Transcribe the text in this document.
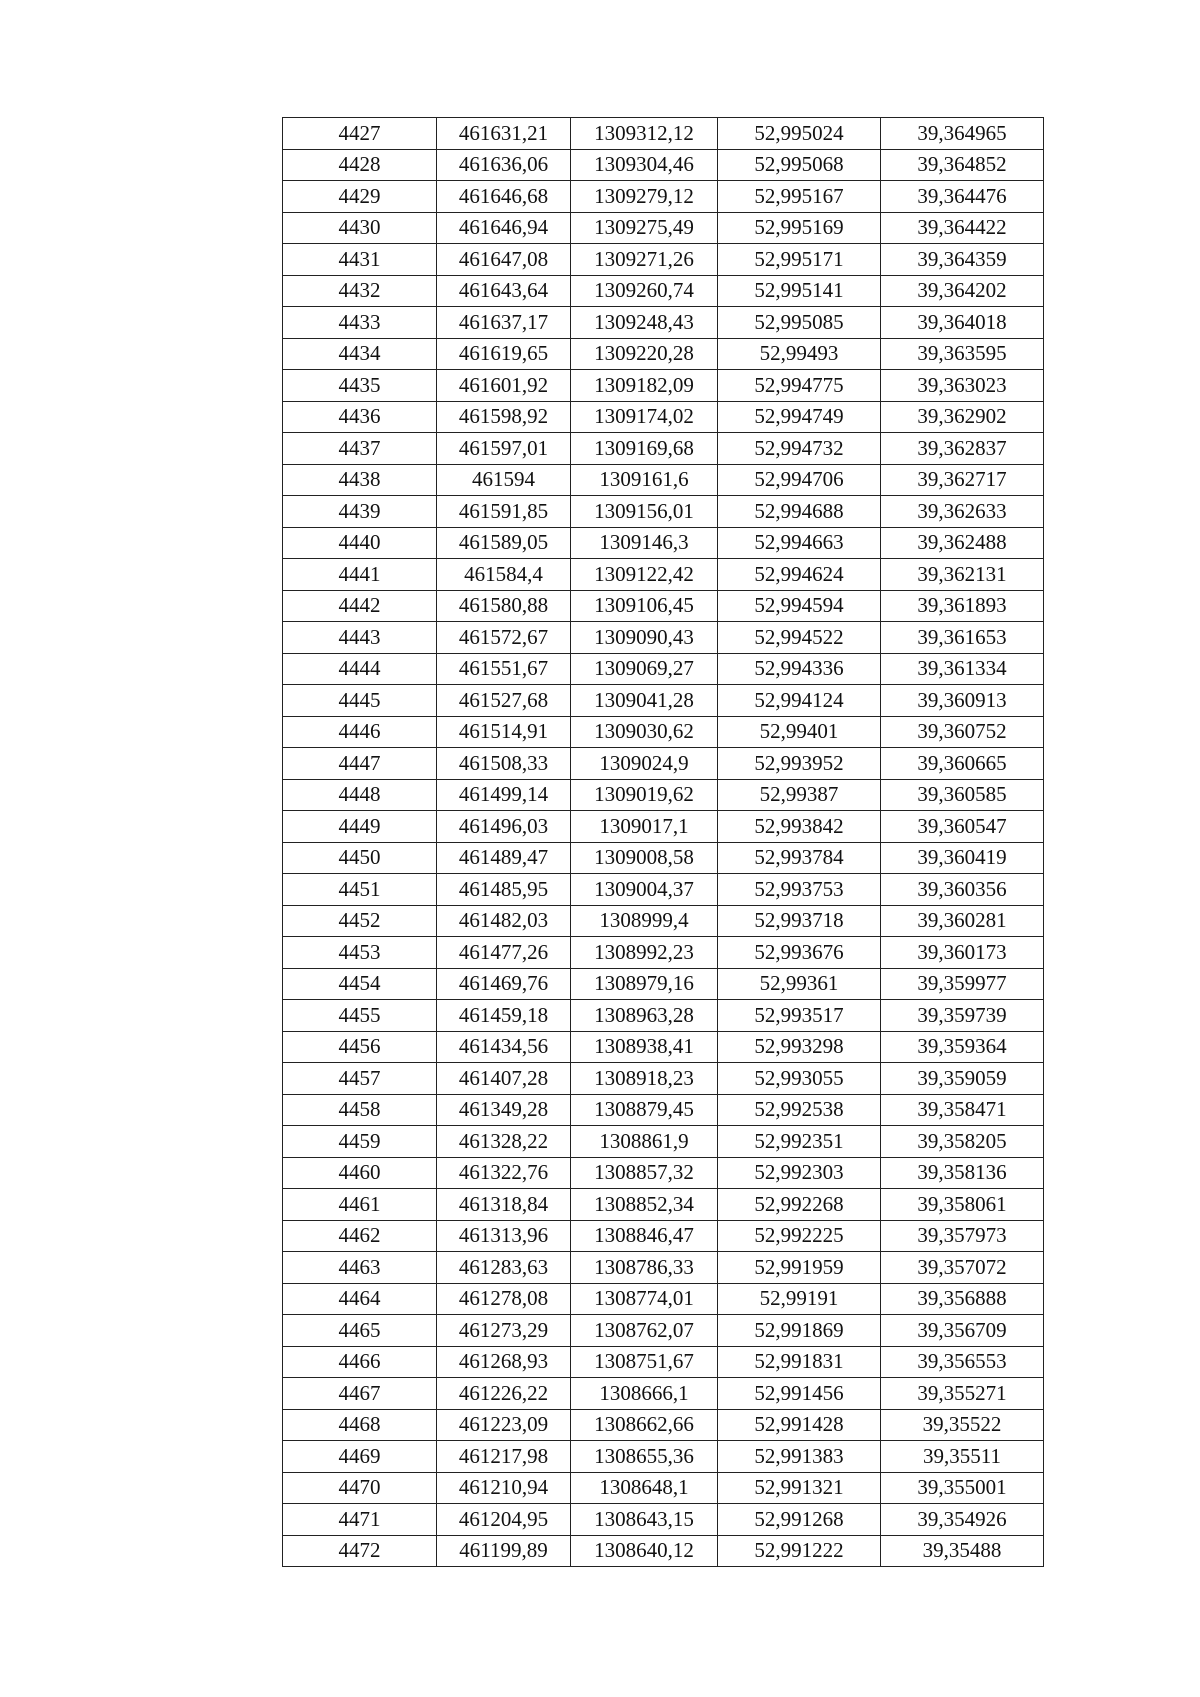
4427	461631,21	1309312,12	52,995024	39,364965
4428	461636,06	1309304,46	52,995068	39,364852
4429	461646,68	1309279,12	52,995167	39,364476
4430	461646,94	1309275,49	52,995169	39,364422
4431	461647,08	1309271,26	52,995171	39,364359
4432	461643,64	1309260,74	52,995141	39,364202
4433	461637,17	1309248,43	52,995085	39,364018
4434	461619,65	1309220,28	52,99493	39,363595
4435	461601,92	1309182,09	52,994775	39,363023
4436	461598,92	1309174,02	52,994749	39,362902
4437	461597,01	1309169,68	52,994732	39,362837
4438	461594	1309161,6	52,994706	39,362717
4439	461591,85	1309156,01	52,994688	39,362633
4440	461589,05	1309146,3	52,994663	39,362488
4441	461584,4	1309122,42	52,994624	39,362131
4442	461580,88	1309106,45	52,994594	39,361893
4443	461572,67	1309090,43	52,994522	39,361653
4444	461551,67	1309069,27	52,994336	39,361334
4445	461527,68	1309041,28	52,994124	39,360913
4446	461514,91	1309030,62	52,99401	39,360752
4447	461508,33	1309024,9	52,993952	39,360665
4448	461499,14	1309019,62	52,99387	39,360585
4449	461496,03	1309017,1	52,993842	39,360547
4450	461489,47	1309008,58	52,993784	39,360419
4451	461485,95	1309004,37	52,993753	39,360356
4452	461482,03	1308999,4	52,993718	39,360281
4453	461477,26	1308992,23	52,993676	39,360173
4454	461469,76	1308979,16	52,99361	39,359977
4455	461459,18	1308963,28	52,993517	39,359739
4456	461434,56	1308938,41	52,993298	39,359364
4457	461407,28	1308918,23	52,993055	39,359059
4458	461349,28	1308879,45	52,992538	39,358471
4459	461328,22	1308861,9	52,992351	39,358205
4460	461322,76	1308857,32	52,992303	39,358136
4461	461318,84	1308852,34	52,992268	39,358061
4462	461313,96	1308846,47	52,992225	39,357973
4463	461283,63	1308786,33	52,991959	39,357072
4464	461278,08	1308774,01	52,99191	39,356888
4465	461273,29	1308762,07	52,991869	39,356709
4466	461268,93	1308751,67	52,991831	39,356553
4467	461226,22	1308666,1	52,991456	39,355271
4468	461223,09	1308662,66	52,991428	39,35522
4469	461217,98	1308655,36	52,991383	39,35511
4470	461210,94	1308648,1	52,991321	39,355001
4471	461204,95	1308643,15	52,991268	39,354926
4472	461199,89	1308640,12	52,991222	39,35488
